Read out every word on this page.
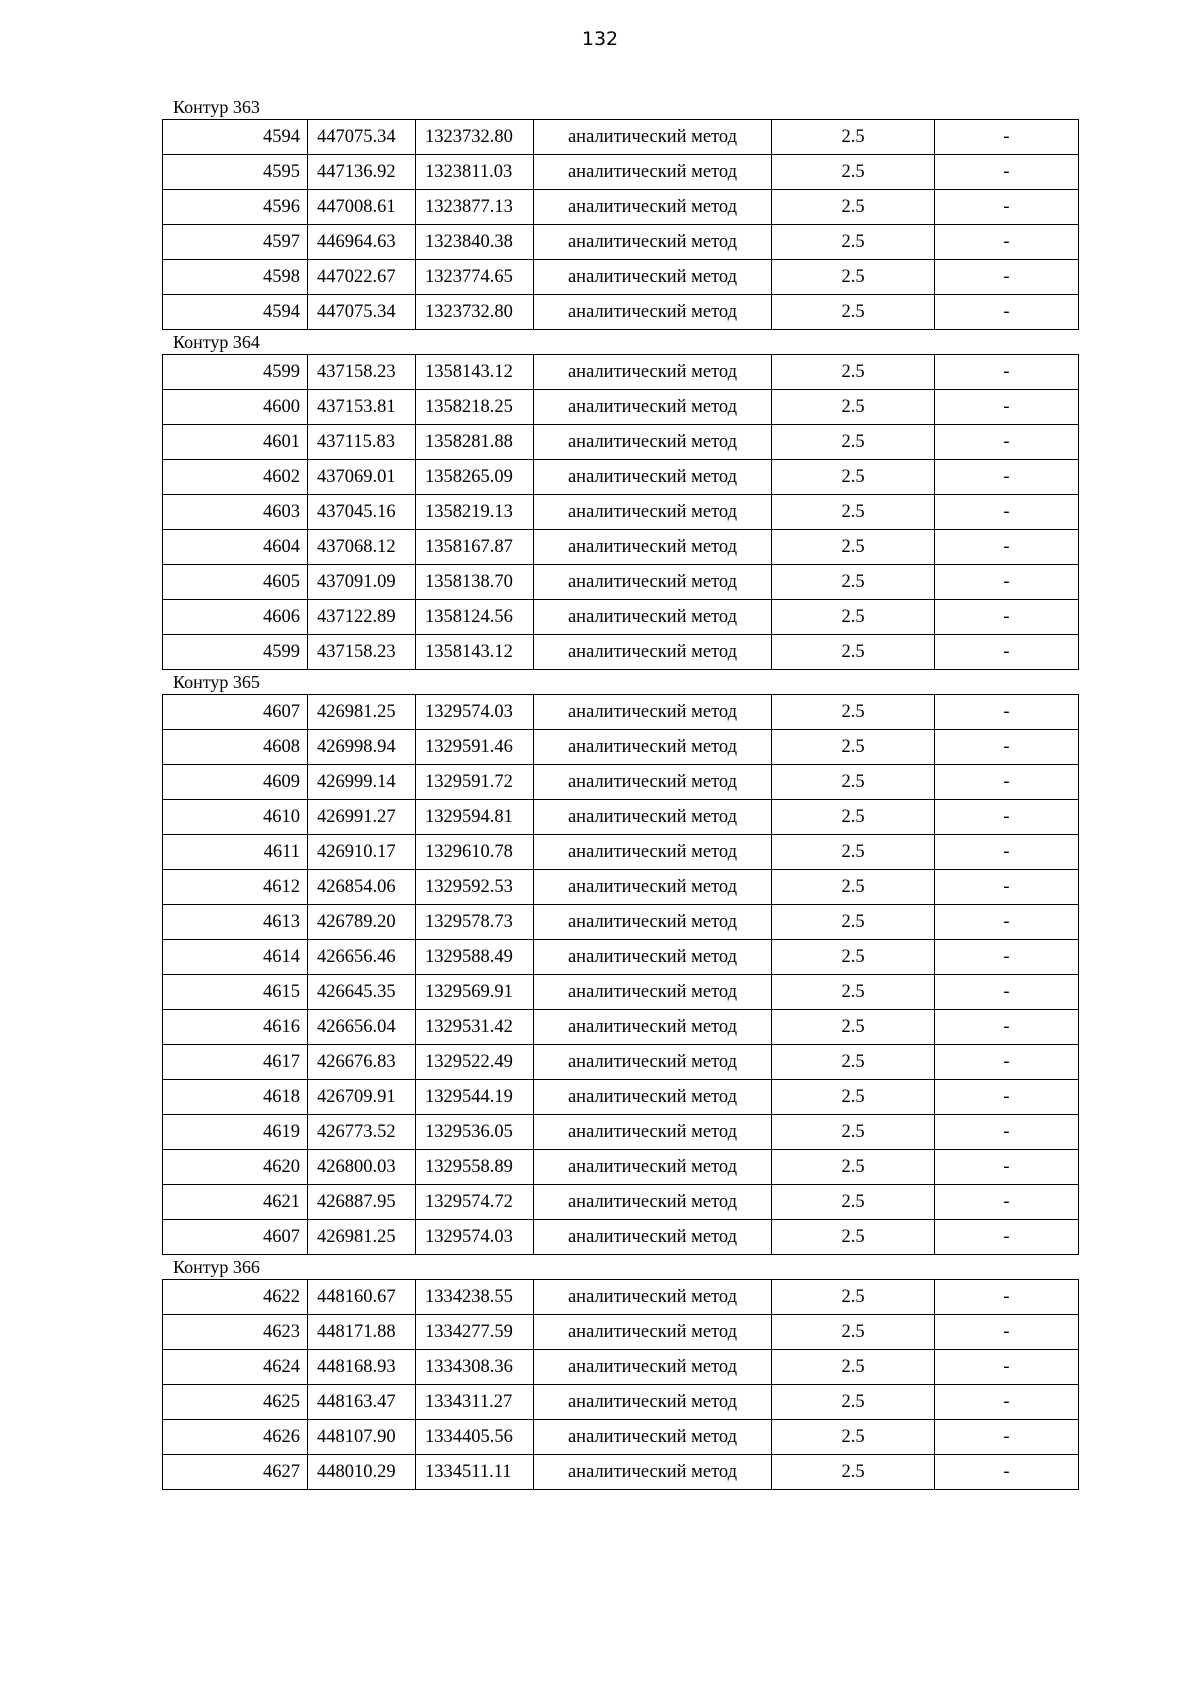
132
Контур 363
4594	447075.34	1323732.80	аналитический метод	2.5	-
4595	447136.92	1323811.03	аналитический метод	2.5	-
4596	447008.61	1323877.13	аналитический метод	2.5	-
4597	446964.63	1323840.38	аналитический метод	2.5	-
4598	447022.67	1323774.65	аналитический метод	2.5	-
4594	447075.34	1323732.80	аналитический метод	2.5	-
Контур 364
4599	437158.23	1358143.12	аналитический метод	2.5	-
4600	437153.81	1358218.25	аналитический метод	2.5	-
4601	437115.83	1358281.88	аналитический метод	2.5	-
4602	437069.01	1358265.09	аналитический метод	2.5	-
4603	437045.16	1358219.13	аналитический метод	2.5	-
4604	437068.12	1358167.87	аналитический метод	2.5	-
4605	437091.09	1358138.70	аналитический метод	2.5	-
4606	437122.89	1358124.56	аналитический метод	2.5	-
4599	437158.23	1358143.12	аналитический метод	2.5	-
Контур 365
4607	426981.25	1329574.03	аналитический метод	2.5	-
4608	426998.94	1329591.46	аналитический метод	2.5	-
4609	426999.14	1329591.72	аналитический метод	2.5	-
4610	426991.27	1329594.81	аналитический метод	2.5	-
4611	426910.17	1329610.78	аналитический метод	2.5	-
4612	426854.06	1329592.53	аналитический метод	2.5	-
4613	426789.20	1329578.73	аналитический метод	2.5	-
4614	426656.46	1329588.49	аналитический метод	2.5	-
4615	426645.35	1329569.91	аналитический метод	2.5	-
4616	426656.04	1329531.42	аналитический метод	2.5	-
4617	426676.83	1329522.49	аналитический метод	2.5	-
4618	426709.91	1329544.19	аналитический метод	2.5	-
4619	426773.52	1329536.05	аналитический метод	2.5	-
4620	426800.03	1329558.89	аналитический метод	2.5	-
4621	426887.95	1329574.72	аналитический метод	2.5	-
4607	426981.25	1329574.03	аналитический метод	2.5	-
Контур 366
4622	448160.67	1334238.55	аналитический метод	2.5	-
4623	448171.88	1334277.59	аналитический метод	2.5	-
4624	448168.93	1334308.36	аналитический метод	2.5	-
4625	448163.47	1334311.27	аналитический метод	2.5	-
4626	448107.90	1334405.56	аналитический метод	2.5	-
4627	448010.29	1334511.11	аналитический метод	2.5	-
